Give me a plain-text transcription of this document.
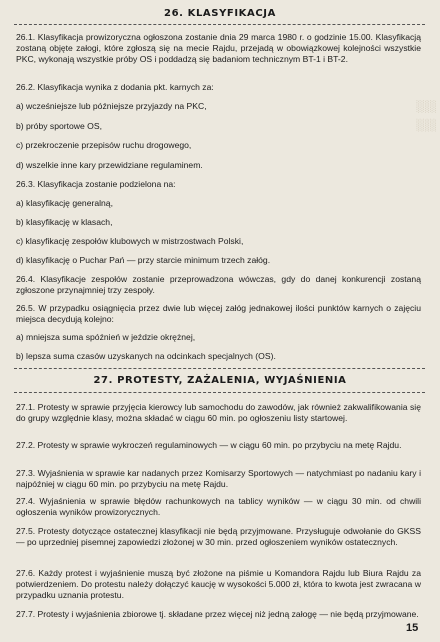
▒▒
26. KLASYFIKACJA

26.1. Klasyfikacja prowizoryczna ogłoszona zostanie dnia 29 marca 1980 r. o godzinie 15.00. Klasyfikacją zostaną objęte załogi, które zgłoszą się na mecie Rajdu, przejadą w obowiązkowej kolejności wszystkie PKC, wykonają wszystkie próby OS i poddadzą się badaniom technicznym BT-1 i BT-2.

26.2. Klasyfikacja wynika z dodania pkt. karnych za:

a) wcześniejsze lub późniejsze przyjazdy na PKC,

b) próby sportowe OS,

c) przekroczenie przepisów ruchu drogowego,

d) wszelkie inne kary przewidziane regulaminem.

26.3. Klasyfikacja zostanie podzielona na:

a) klasyfikację generalną,

b) klasyfikację w klasach,

c) klasyfikację zespołów klubowych w mistrzostwach Polski,

d) klasyfikację o Puchar Pań — przy starcie minimum trzech załóg.

26.4. Klasyfikacje zespołów zostanie przeprowadzona wówczas, gdy do danej konkurencji zostaną zgłoszone przynajmniej trzy zespoły.

26.5. W przypadku osiągnięcia przez dwie lub więcej załóg jednakowej ilości punktów karnych o zajęciu miejsca decydują kolejno:

a) mniejsza suma spóźnień w jeździe okrężnej,

b) lepsza suma czasów uzyskanych na odcinkach specjalnych (OS).

27. PROTESTY, ZAŻALENIA, WYJAŚNIENIA

27.1. Protesty w sprawie przyjęcia kierowcy lub samochodu do zawodów, jak również zakwalifikowania się do grupy względnie klasy, można składać w ciągu 60 min. po ogłoszeniu listy startowej.

27.2. Protesty w sprawie wykroczeń regulaminowych — w ciągu 60 min. po przybyciu na metę Rajdu.

27.3. Wyjaśnienia w sprawie kar nadanych przez Komisarzy Sportowych — natychmiast po nadaniu kary i najpóźniej w ciągu 60 min. po przybyciu na metę Rajdu.

27.4. Wyjaśnienia w sprawie błędów rachunkowych na tablicy wyników — w ciągu 30 min. od chwili ogłoszenia wyników prowizorycznych.

27.5. Protesty dotyczące ostatecznej klasyfikacji nie będą przyjmowane. Przysługuje odwołanie do GKSS — po uprzedniej pisemnej zapowiedzi złożonej w 30 min. przed ogłoszeniem wyników ostatecznych.

27.6. Każdy protest i wyjaśnienie muszą być złożone na piśmie u Komandora Rajdu lub Biura Rajdu za potwierdzeniem. Do protestu należy dołączyć kaucję w wysokości 5.000 zł, która to kwota jest zwracana w przypadku uznania protestu.

27.7. Protesty i wyjaśnienia zbiorowe tj. składane przez więcej niż jedną załogę — nie będą przyjmowane.

15
